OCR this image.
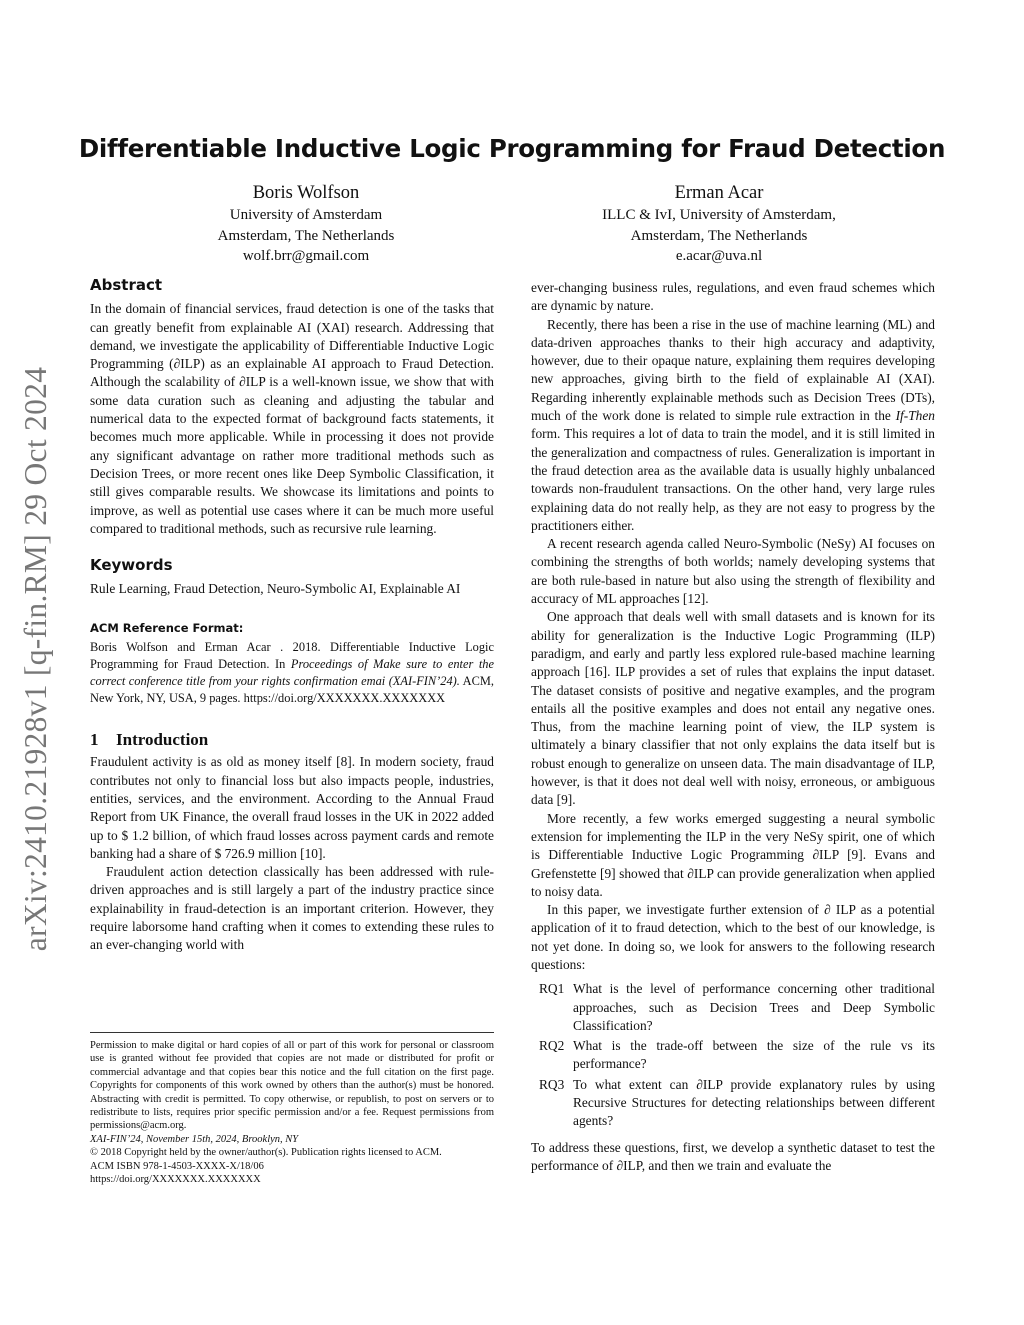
arXiv:2410.21928v1 [q-fin.RM] 29 Oct 2024
Differentiable Inductive Logic Programming for Fraud Detection
Boris Wolfson
University of Amsterdam
Amsterdam, The Netherlands
wolf.brr@gmail.com
Erman Acar
ILLC & IvI, University of Amsterdam,
Amsterdam, The Netherlands
e.acar@uva.nl
Abstract

In the domain of financial services, fraud detection is one of the tasks that can greatly benefit from explainable AI (XAI) research. Addressing that demand, we investigate the applicability of Differentiable Inductive Logic Programming (∂ILP) as an explainable AI approach to Fraud Detection. Although the scalability of ∂ILP is a well-known issue, we show that with some data curation such as cleaning and adjusting the tabular and numerical data to the expected format of background facts statements, it becomes much more applicable. While in processing it does not provide any significant advantage on rather more traditional methods such as Decision Trees, or more recent ones like Deep Symbolic Classification, it still gives comparable results. We showcase its limitations and points to improve, as well as potential use cases where it can be much more useful compared to traditional methods, such as recursive rule learning.

Keywords

Rule Learning, Fraud Detection, Neuro-Symbolic AI, Explainable AI

ACM Reference Format:
Boris Wolfson and Erman Acar . 2018. Differentiable Inductive Logic Programming for Fraud Detection. In Proceedings of Make sure to enter the correct conference title from your rights confirmation emai (XAI-FIN’24). ACM, New York, NY, USA, 9 pages. https://doi.org/XXXXXXX.XXXXXXX
1 Introduction

Fraudulent activity is as old as money itself [8]. In modern society, fraud contributes not only to financial loss but also impacts people, industries, entities, services, and the environment. According to the Annual Fraud Report from UK Finance, the overall fraud losses in the UK in 2022 added up to $ 1.2 billion, of which fraud losses across payment cards and remote banking had a share of $ 726.9 million [10].

Fraudulent action detection classically has been addressed with rule-driven approaches and is still largely a part of the industry practice since explainability in fraud-detection is an important criterion. However, they require laborsome hand crafting when it comes to extending these rules to an ever-changing world with

Permission to make digital or hard copies of all or part of this work for personal or classroom use is granted without fee provided that copies are not made or distributed for profit or commercial advantage and that copies bear this notice and the full citation on the first page. Copyrights for components of this work owned by others than the author(s) must be honored. Abstracting with credit is permitted. To copy otherwise, or republish, to post on servers or to redistribute to lists, requires prior specific permission and/or a fee. Request permissions from permissions@acm.org.

XAI-FIN’24, November 15th, 2024, Brooklyn, NY

© 2018 Copyright held by the owner/author(s). Publication rights licensed to ACM.

ACM ISBN 978-1-4503-XXXX-X/18/06

https://doi.org/XXXXXXX.XXXXXXX

ever-changing business rules, regulations, and even fraud schemes which are dynamic by nature.

Recently, there has been a rise in the use of machine learning (ML) and data-driven approaches thanks to their high accuracy and adaptivity, however, due to their opaque nature, explaining them requires developing new approaches, giving birth to the field of explainable AI (XAI). Regarding inherently explainable methods such as Decision Trees (DTs), much of the work done is related to simple rule extraction in the If-Then form. This requires a lot of data to train the model, and it is still limited in the generalization and compactness of rules. Generalization is important in the fraud detection area as the available data is usually highly unbalanced towards non-fraudulent transactions. On the other hand, very large rules explaining data do not really help, as they are not easy to progress by the practitioners either.

A recent research agenda called Neuro-Symbolic (NeSy) AI focuses on combining the strengths of both worlds; namely developing systems that are both rule-based in nature but also using the strength of flexibility and accuracy of ML approaches [12].

One approach that deals well with small datasets and is known for its ability for generalization is the Inductive Logic Programming (ILP) paradigm, and early and partly less explored rule-based machine learning approach [16]. ILP provides a set of rules that explains the input dataset. The dataset consists of positive and negative examples, and the program entails all the positive examples and does not entail any negative ones. Thus, from the machine learning point of view, the ILP system is ultimately a binary classifier that not only explains the data itself but is robust enough to generalize on unseen data. The main disadvantage of ILP, however, is that it does not deal well with noisy, erroneous, or ambiguous data [9].

More recently, a few works emerged suggesting a neural symbolic extension for implementing the ILP in the very NeSy spirit, one of which is Differentiable Inductive Logic Programming ∂ILP [9]. Evans and Grefenstette [9] showed that ∂ILP can provide generalization when applied to noisy data.

In this paper, we investigate further extension of ∂ ILP as a potential application of it to fraud detection, which to the best of our knowledge, is not yet done. In doing so, we look for answers to the following research questions:

RQ1 What is the level of performance concerning other traditional approaches, such as Decision Trees and Deep Symbolic Classification?
RQ2 What is the trade-off between the size of the rule vs its performance?
RQ3 To what extent can ∂ILP provide explanatory rules by using Recursive Structures for detecting relationships between different agents?

To address these questions, first, we develop a synthetic dataset to test the performance of ∂ILP, and then we train and evaluate the
